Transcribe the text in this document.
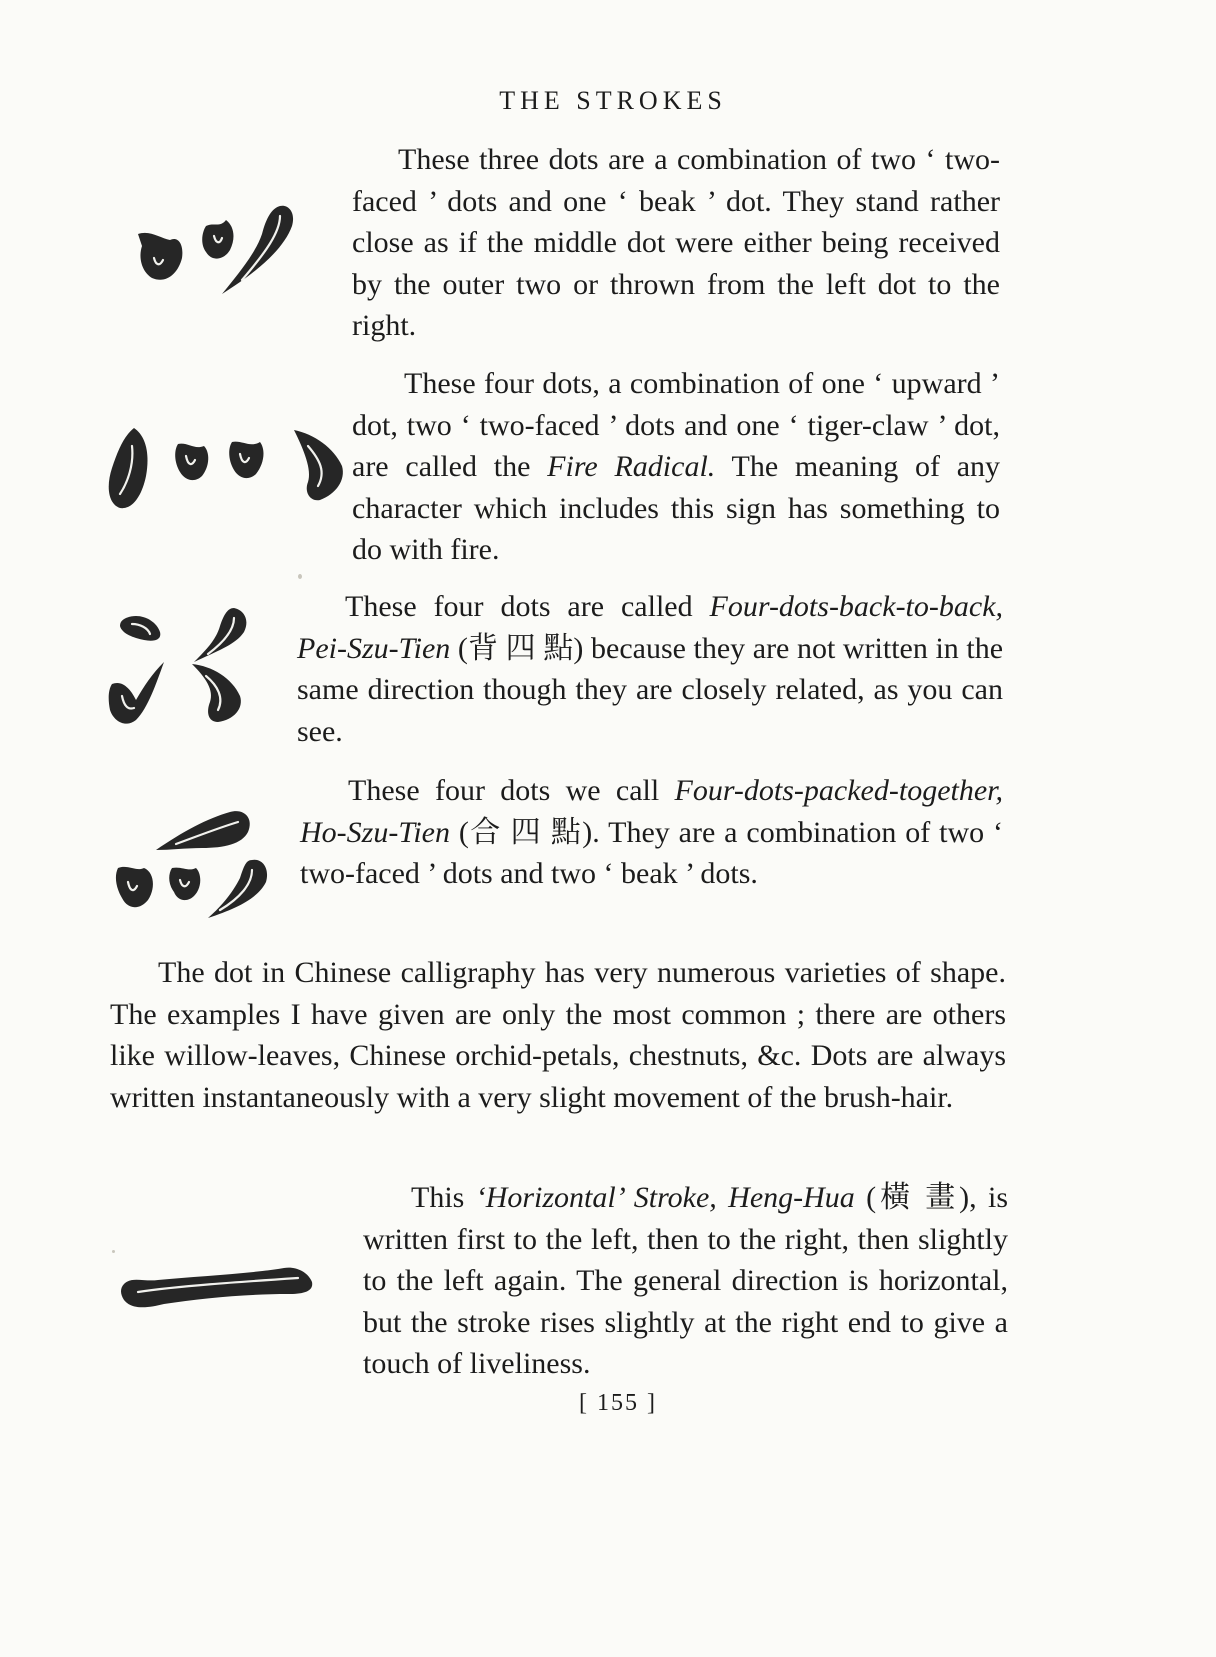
THE STROKES
These three dots are a combination of two ‘ two-faced ’ dots and one ‘ beak ’ dot. They stand rather close as if the middle dot were either being received by the outer two or thrown from the left dot to the right.
These four dots, a combination of one ‘ upward ’ dot, two ‘ two-faced ’ dots and one ‘ tiger-claw ’ dot, are called the Fire Radical. The meaning of any character which includes this sign has something to do with fire.
These four dots are called Four-dots-back-to-back, Pei-Szu-Tien (背 四 點) because they are not written in the same direction though they are closely related, as you can see.
These four dots we call Four-dots-packed-together, Ho-Szu-Tien (合 四 點). They are a combination of two ‘ two-faced ’ dots and two ‘ beak ’ dots.
The dot in Chinese calligraphy has very numerous varieties of shape. The examples I have given are only the most common ; there are others like willow-leaves, Chinese orchid-petals, chestnuts, &c. Dots are always written instantaneously with a very slight movement of the brush-hair.
This ‘Horizontal’ Stroke, Heng-Hua (橫 畫), is written first to the left, then to the right, then slightly to the left again. The general direction is horizontal, but the stroke rises slightly at the right end to give a touch of liveliness.
[ 155 ]
